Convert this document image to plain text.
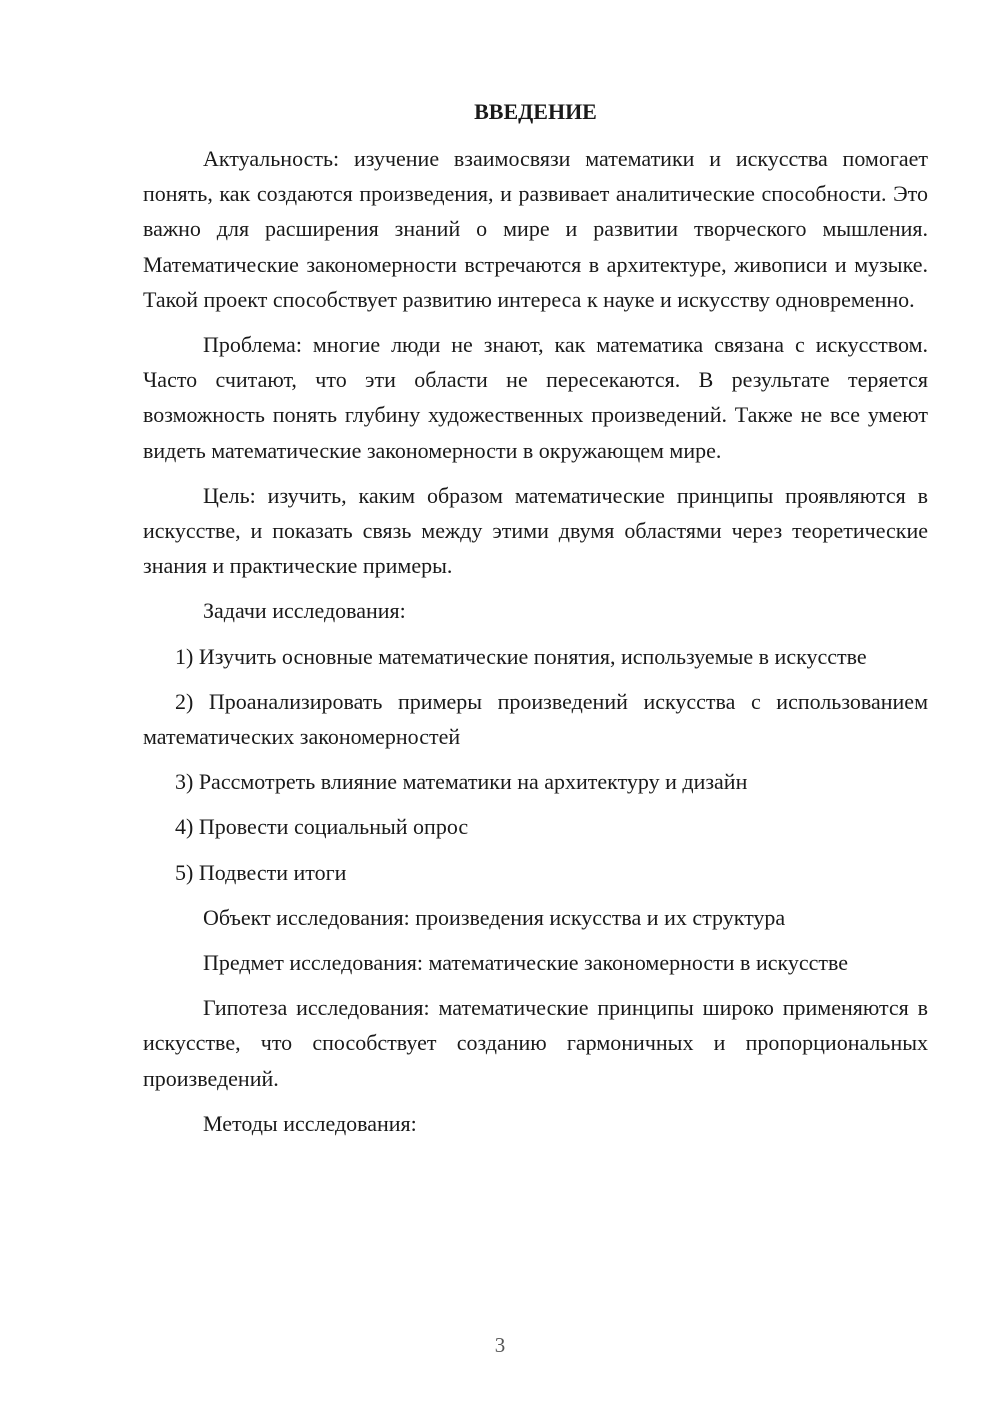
ВВЕДЕНИЕ

Актуальность: изучение взаимосвязи математики и искусства помогает понять, как создаются произведения, и развивает аналитические способности. Это важно для расширения знаний о мире и развитии творческого мышления. Математические закономерности встречаются в архитектуре, живописи и музыке. Такой проект способствует развитию интереса к науке и искусству одновременно.

Проблема: многие люди не знают, как математика связана с искусством. Часто считают, что эти области не пересекаются. В результате теряется возможность понять глубину художественных произведений. Также не все умеют видеть математические закономерности в окружающем мире.

Цель: изучить, каким образом математические принципы проявляются в искусстве, и показать связь между этими двумя областями через теоретические знания и практические примеры.

Задачи исследования:

1) Изучить основные математические понятия, используемые в искусстве

2) Проанализировать примеры произведений искусства с использованием математических закономерностей

3) Рассмотреть влияние математики на архитектуру и дизайн

4) Провести социальный опрос

5) Подвести итоги

Объект исследования: произведения искусства и их структура

Предмет исследования: математические закономерности в искусстве

Гипотеза исследования: математические принципы широко применяются в искусстве, что способствует созданию гармоничных и пропорциональных произведений.

Методы исследования:

3
